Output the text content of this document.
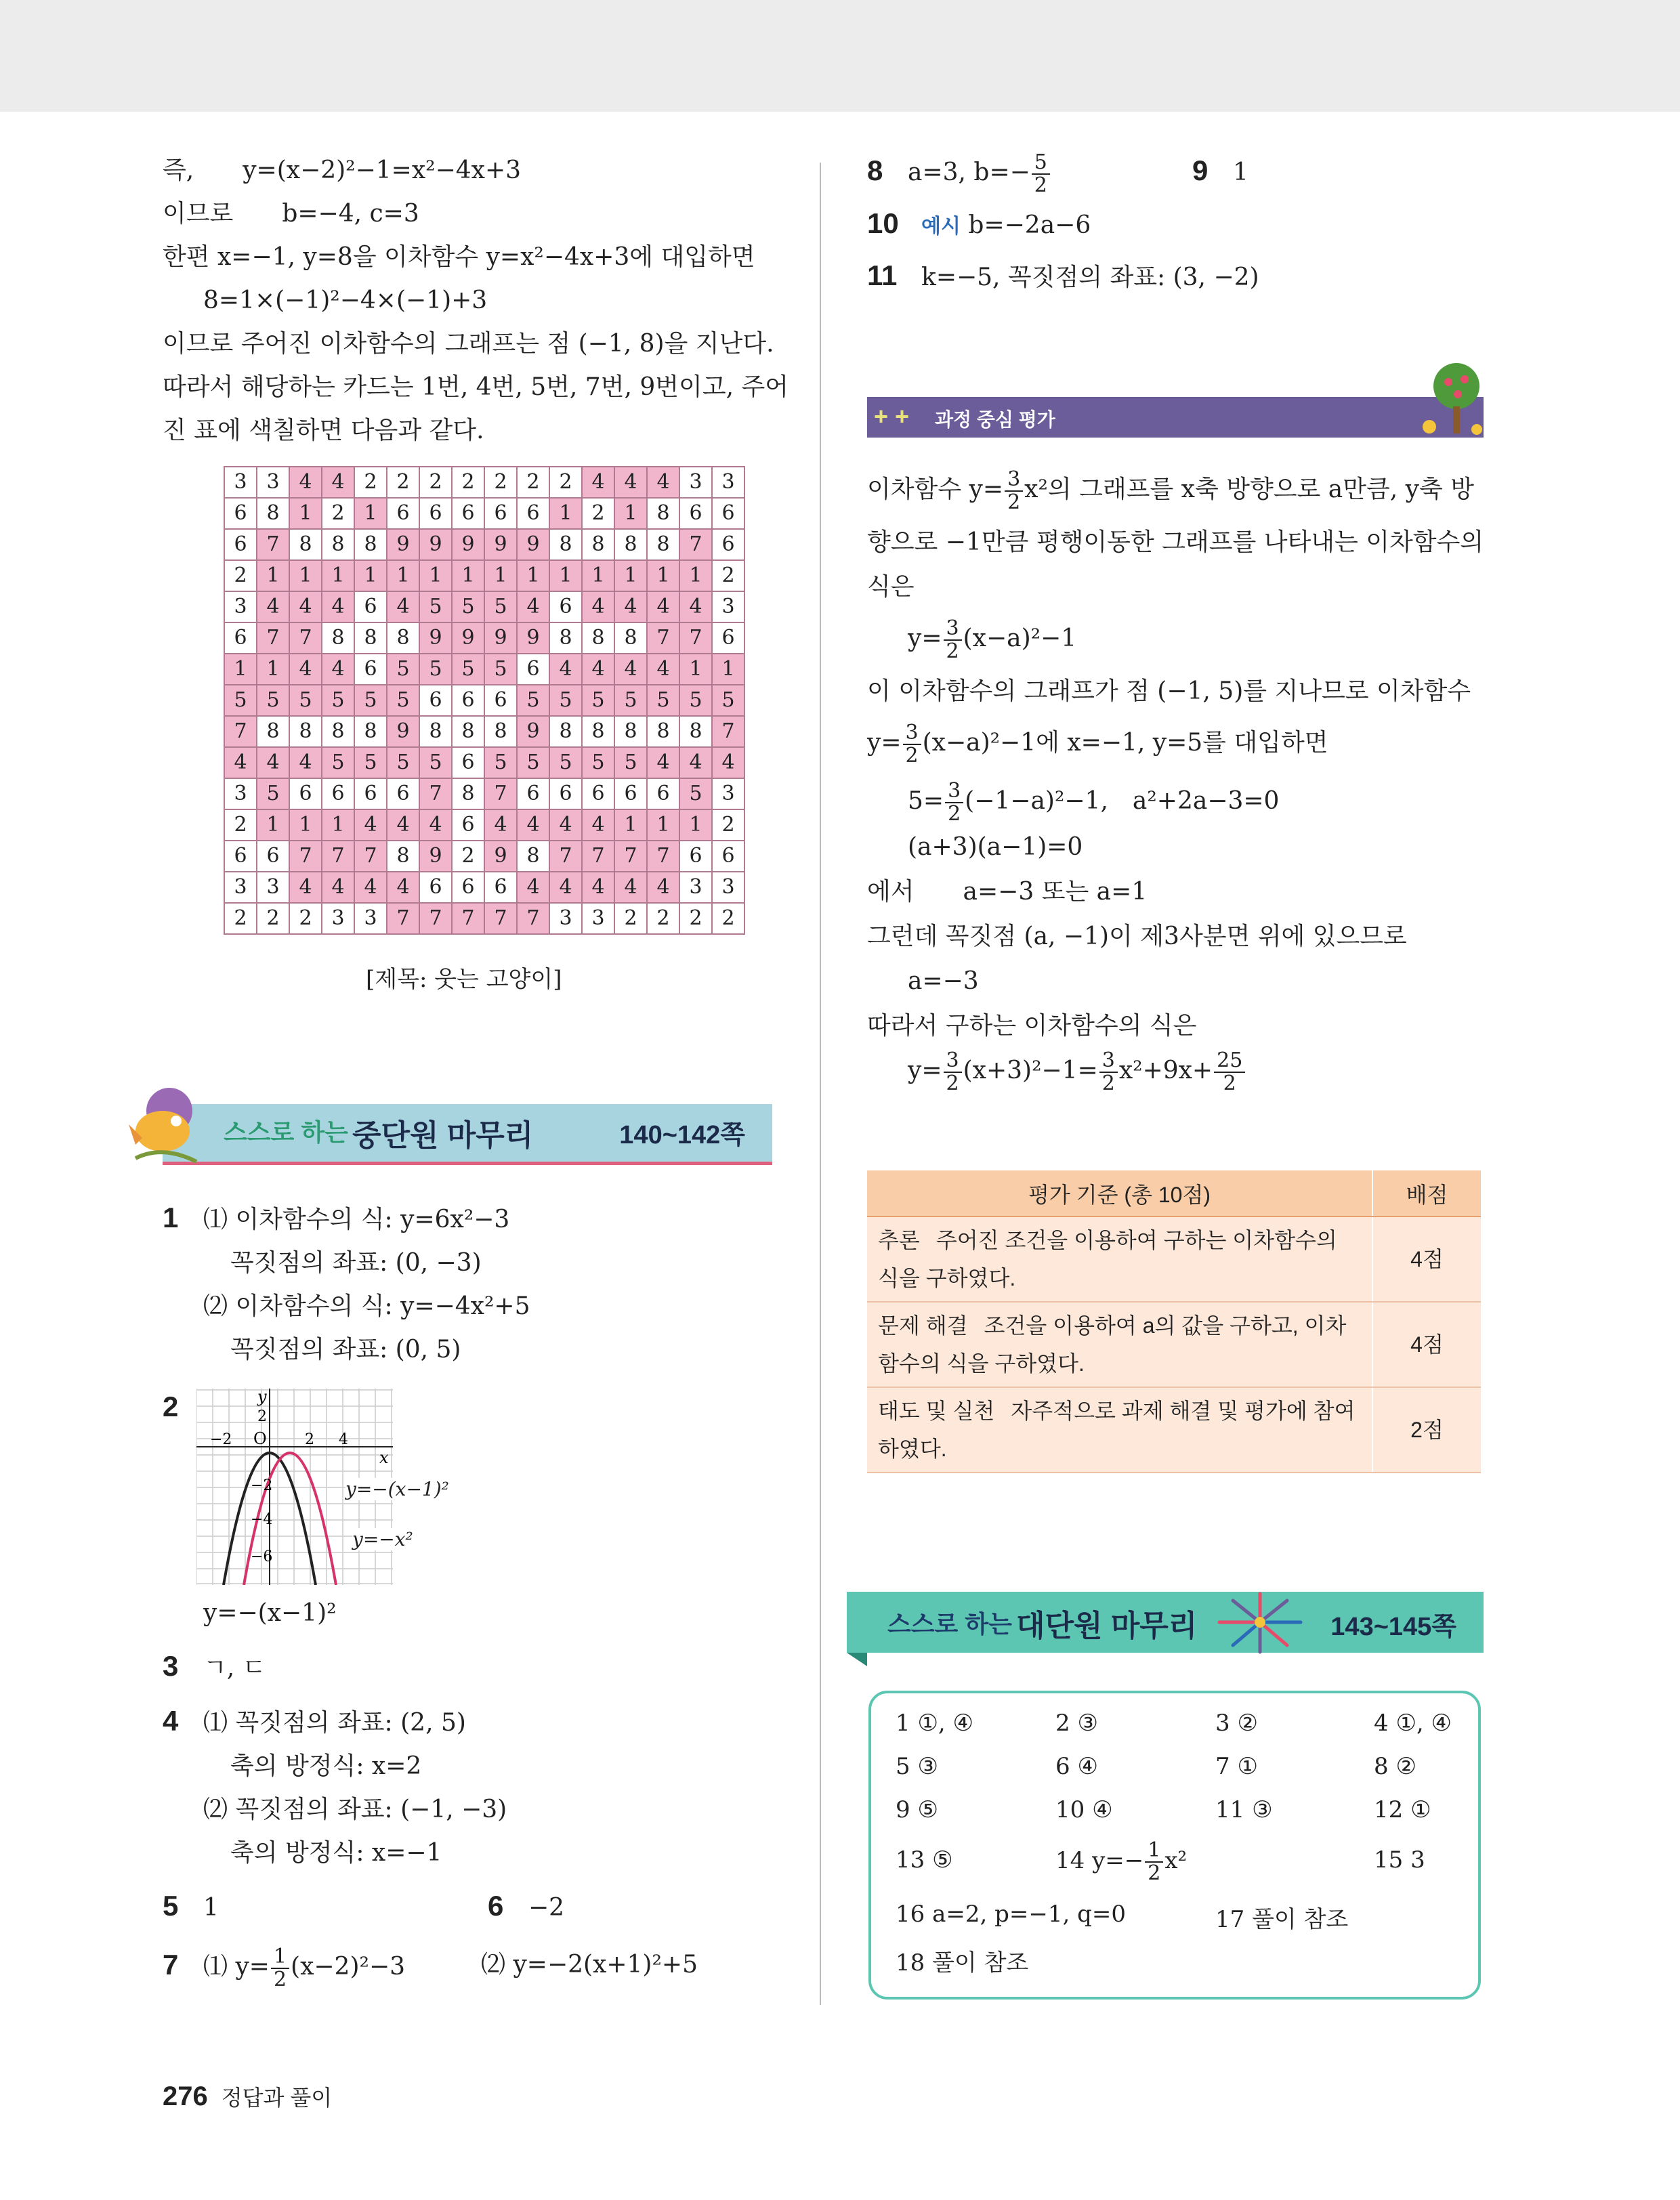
즉,　　y=(x−2)²−1=x²−4x+3
이므로　　b=−4, c=3
한편 x=−1, y=8을 이차함수 y=x²−4x+3에 대입하면
8=1×(−1)²−4×(−1)+3
이므로 주어진 이차함수의 그래프는 점 (−1, 8)을 지난다.
따라서 해당하는 카드는 1번, 4번, 5번, 7번, 9번이고, 주어
진 표에 색칠하면 다음과 같다.
3	3	4	4	2	2	2	2	2	2	2	4	4	4	3	3
6	8	1	2	1	6	6	6	6	6	1	2	1	8	6	6
6	7	8	8	8	9	9	9	9	9	8	8	8	8	7	6
2	1	1	1	1	1	1	1	1	1	1	1	1	1	1	2
3	4	4	4	6	4	5	5	5	4	6	4	4	4	4	3
6	7	7	8	8	8	9	9	9	9	8	8	8	7	7	6
1	1	4	4	6	5	5	5	5	6	4	4	4	4	1	1
5	5	5	5	5	5	6	6	6	5	5	5	5	5	5	5
7	8	8	8	8	9	8	8	8	9	8	8	8	8	8	7
4	4	4	5	5	5	5	6	5	5	5	5	5	4	4	4
3	5	6	6	6	6	7	8	7	6	6	6	6	6	5	3
2	1	1	1	4	4	4	6	4	4	4	4	1	1	1	2
6	6	7	7	7	8	9	2	9	8	7	7	7	7	6	6
3	3	4	4	4	4	6	6	6	4	4	4	4	4	3	3
2	2	2	3	3	7	7	7	7	7	3	3	2	2	2	2
[제목: 웃는 고양이]
스스로 하는 중단원 마무리	140~142쪽
1 ⑴ 이차함수의 식: y=6x²−3
꼭짓점의 좌표: (0, −3)
⑵ 이차함수의 식: y=−4x²+5
꼭짓점의 좌표: (0, 5)
2	y
x
O
2
−2	2 4
−2
−4
−6
y=−(x−1)²
y=−x²
y=−(x−1)²
3 ㄱ, ㄷ
4 ⑴ 꼭짓점의 좌표: (2, 5)
축의 방정식: x=2
⑵ 꼭짓점의 좌표: (−1, −3)
축의 방정식: x=−1
5 1	6 −2
7 ⑴ $y= \frac{1}{2} (x-2)^2-3$	⑵ y=−2(x+1)²+5
8 a=3, $b=- \frac{5}{2}$	9 1
10 예시 b=−2a−6
11 k=−5, 꼭짓점의 좌표: (3, −2)
+ + 과정 중심 평가
이차함수 $y= \frac{3}{2} x^2$의 그래프를 x축 방향으로 a만큼, y축 방
향으로 −1만큼 평행이동한 그래프를 나타내는 이차함수의
식은
$y= \frac{3}{2} (x-a)^2-1$
이 이차함수의 그래프가 점 (−1, 5)를 지나므로 이차함수
$y= \frac{3}{2} (x-a)^2-1$에 x=−1, y=5를 대입하면
$5= \frac{3}{2} (-1-a)^2-1$,　a²+2a−3=0
(a+3)(a−1)=0
에서　　a=−3 또는 a=1
그런데 꼭짓점 (a, −1)이 제3사분면 위에 있으므로
a=−3
따라서 구하는 이차함수의 식은
$y= \frac{3}{2} (x+3)^2-1= \frac{3}{2} x^2+9x+ \frac{25}{2}$
평가 기준 (총 10점)	배점
추론 주어진 조건을 이용하여 구하는 이차함수의 식을 구하였다.	4점
문제 해결 조건을 이용하여 a의 값을 구하고, 이차함수의 식을 구하였다.	4점
태도 및 실천 자주적으로 과제 해결 및 평가에 참여하였다.	2점
스스로 하는 대단원 마무리	143~145쪽
1 ①, ④	2 ③	3 ②	4 ①, ④
5 ③	6 ④	7 ①	8 ②
9 ⑤	10 ④	11 ③	12 ①
13 ⑤	14 $y=- \frac{1}{2} x^2$	15 3
16 a=2, p=−1, q=0	17 풀이 참조
18 풀이 참조
276 정답과 풀이
